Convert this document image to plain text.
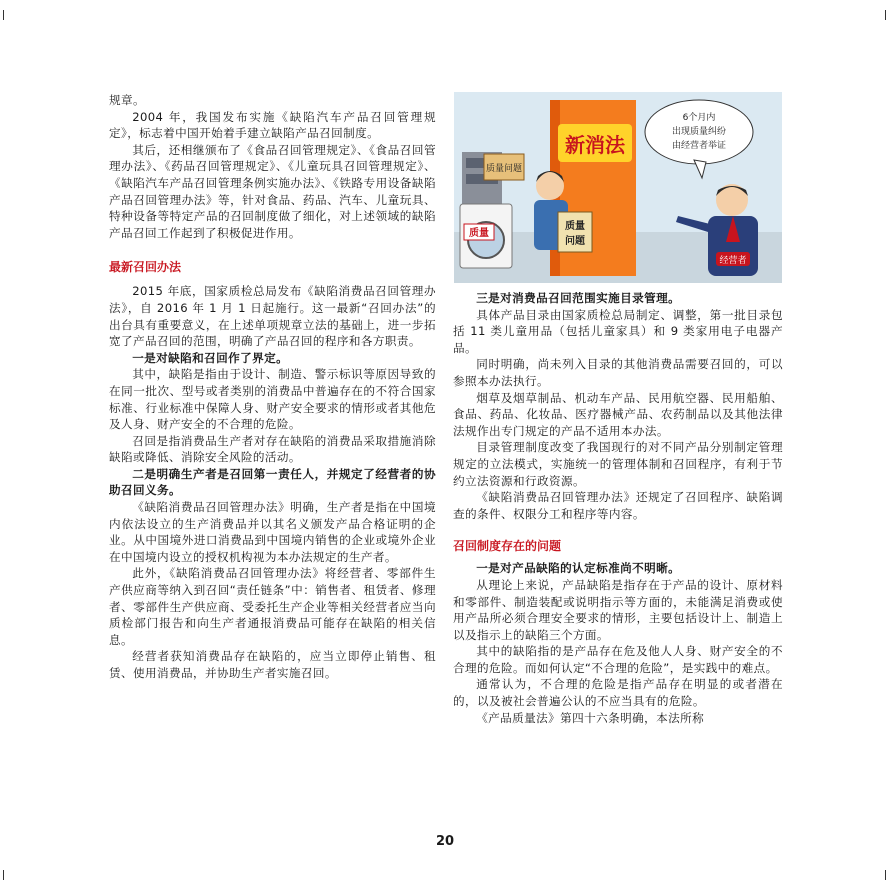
规章。

2004 年，我国发布实施《缺陷汽车产品召回管理规定》，标志着中国开始着手建立缺陷产品召回制度。

其后，还相继颁布了《食品召回管理规定》、《食品召回管理办法》、《药品召回管理规定》、《儿童玩具召回管理规定》、《缺陷汽车产品召回管理条例实施办法》、《铁路专用设备缺陷产品召回管理办法》等，针对食品、药品、汽车、儿童玩具、特种设备等特定产品的召回制度做了细化，对上述领域的缺陷产品召回工作起到了积极促进作用。

最新召回办法

2015 年底，国家质检总局发布《缺陷消费品召回管理办法》，自 2016 年 1 月 1 日起施行。这一最新“召回办法”的出台具有重要意义，在上述单项规章立法的基础上，进一步拓宽了产品召回的范围，明确了产品召回的程序和各方职责。

一是对缺陷和召回作了界定。

其中，缺陷是指由于设计、制造、警示标识等原因导致的在同一批次、型号或者类别的消费品中普遍存在的不符合国家标准、行业标准中保障人身、财产安全要求的情形或者其他危及人身、财产安全的不合理的危险。

召回是指消费品生产者对存在缺陷的消费品采取措施消除缺陷或降低、消除安全风险的活动。

二是明确生产者是召回第一责任人，并规定了经营者的协助召回义务。

《缺陷消费品召回管理办法》明确，生产者是指在中国境内依法设立的生产消费品并以其名义颁发产品合格证明的企业。从中国境外进口消费品到中国境内销售的企业或境外企业在中国境内设立的授权机构视为本办法规定的生产者。

此外，《缺陷消费品召回管理办法》将经营者、零部件生产供应商等纳入到召回“责任链条”中：销售者、租赁者、修理者、零部件生产供应商、受委托生产企业等相关经营者应当向质检部门报告和向生产者通报消费品可能存在缺陷的相关信息。

经营者获知消费品存在缺陷的，应当立即停止销售、租赁、使用消费品，并协助生产者实施召回。

质量
质量问题
新消法
质量
问题
经营者
6个月内
出现质量纠纷
由经营者举证

三是对消费品召回范围实施目录管理。

具体产品目录由国家质检总局制定、调整，第一批目录包括 11 类儿童用品（包括儿童家具）和 9 类家用电子电器产品。

同时明确，尚未列入目录的其他消费品需要召回的，可以参照本办法执行。

烟草及烟草制品、机动车产品、民用航空器、民用船舶、食品、药品、化妆品、医疗器械产品、农药制品以及其他法律法规作出专门规定的产品不适用本办法。

目录管理制度改变了我国现行的对不同产品分别制定管理规定的立法模式，实施统一的管理体制和召回程序，有利于节约立法资源和行政资源。

《缺陷消费品召回管理办法》还规定了召回程序、缺陷调查的条件、权限分工和程序等内容。

召回制度存在的问题

一是对产品缺陷的认定标准尚不明晰。

从理论上来说，产品缺陷是指存在于产品的设计、原材料和零部件、制造装配或说明指示等方面的，未能满足消费或使用产品所必须合理安全要求的情形，主要包括设计上、制造上以及指示上的缺陷三个方面。

其中的缺陷指的是产品存在危及他人人身、财产安全的不合理的危险。而如何认定“不合理的危险”，是实践中的难点。

通常认为，不合理的危险是指产品存在明显的或者潜在的，以及被社会普遍公认的不应当具有的危险。

《产品质量法》第四十六条明确，本法所称

20
